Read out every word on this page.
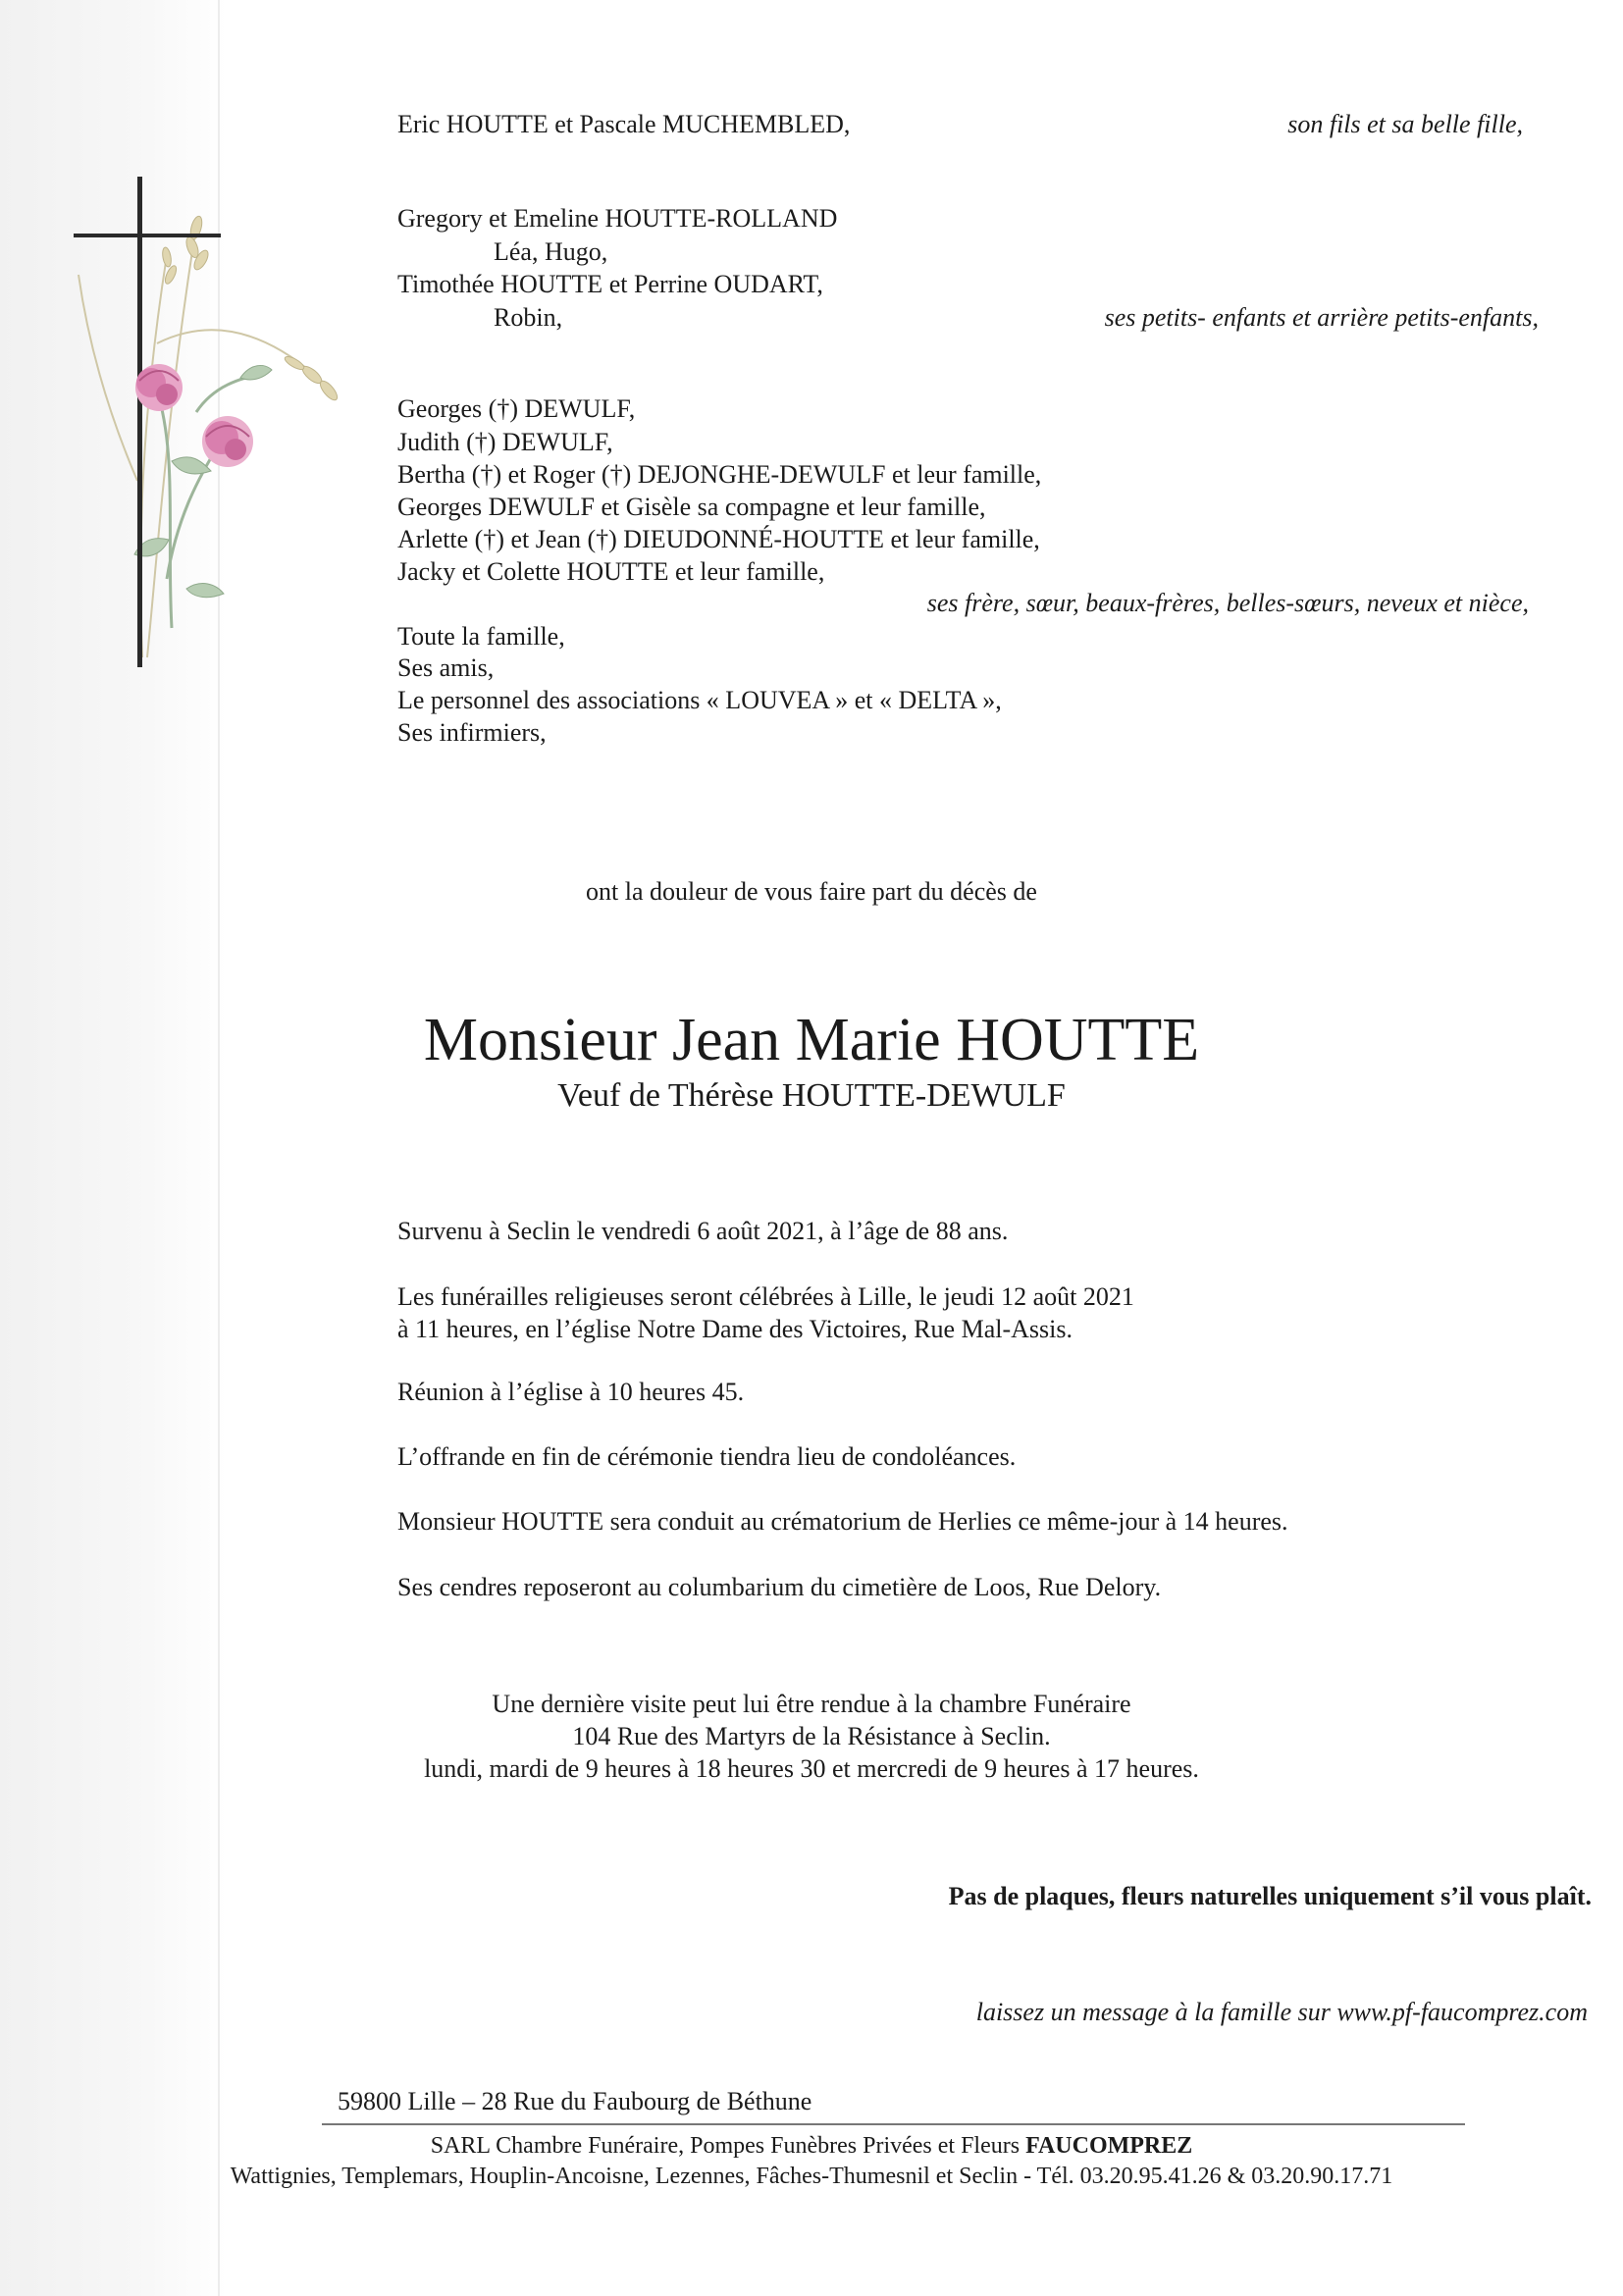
Eric HOUTTE et Pascale MUCHEMBLED,	son fils et sa belle fille,
Gregory et Emeline HOUTTE-ROLLAND
Léa, Hugo,
Timothée HOUTTE et Perrine OUDART,
Robin,	ses petits- enfants et arrière petits-enfants,
Georges (†) DEWULF,
Judith (†) DEWULF,
Bertha (†) et Roger (†) DEJONGHE-DEWULF et leur famille,
Georges DEWULF et Gisèle sa compagne et leur famille,
Arlette (†) et Jean (†) DIEUDONNÉ-HOUTTE et leur famille,
Jacky et Colette HOUTTE et leur famille,
ses frère, sœur, beaux-frères, belles-sœurs, neveux et nièce,
Toute la famille,
Ses amis,
Le personnel des associations « LOUVEA » et « DELTA »,
Ses infirmiers,
ont la douleur de vous faire part du décès de
Monsieur Jean Marie HOUTTE
Veuf de Thérèse HOUTTE-DEWULF
Survenu à Seclin le vendredi 6 août 2021, à l’âge de 88 ans.
Les funérailles religieuses seront célébrées à Lille, le jeudi 12 août 2021
à 11 heures, en l’église Notre Dame des Victoires, Rue Mal-Assis.
Réunion à l’église à 10 heures 45.
L’offrande en fin de cérémonie tiendra lieu de condoléances.
Monsieur HOUTTE sera conduit au crématorium de Herlies ce même-jour à 14 heures.
Ses cendres reposeront au columbarium du cimetière de Loos, Rue Delory.
Une dernière visite peut lui être rendue à la chambre Funéraire
104 Rue des Martyrs de la Résistance à Seclin.
lundi, mardi de 9 heures à 18 heures 30 et mercredi de 9 heures à 17 heures.
Pas de plaques, fleurs naturelles uniquement s’il vous plaît.
laissez un message à la famille sur www.pf-faucomprez.com
59800 Lille – 28 Rue du Faubourg de Béthune
SARL Chambre Funéraire, Pompes Funèbres Privées et Fleurs FAUCOMPREZ
Wattignies, Templemars, Houplin-Ancoisne, Lezennes, Fâches-Thumesnil et Seclin - Tél. 03.20.95.41.26 & 03.20.90.17.71
